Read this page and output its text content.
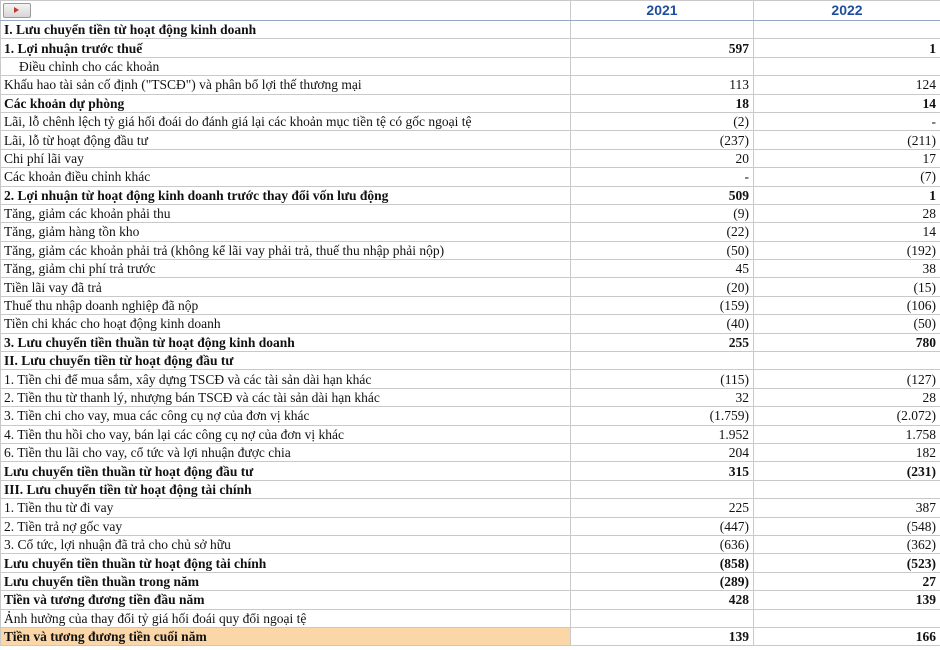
	2021	2022
I. Lưu chuyển tiền từ hoạt động kinh doanh		
1. Lợi nhuận trước thuế	597	1
Điều chỉnh cho các khoản		
Khấu hao tài sản cố định ("TSCĐ") và phân bổ lợi thế thương mại	113	124
Các khoản dự phòng	18	14
Lãi, lỗ chênh lệch tỷ giá hối đoái do đánh giá lại các khoản mục tiền tệ có gốc ngoại tệ	(2)	-
Lãi, lỗ từ hoạt động đầu tư	(237)	(211)
Chi phí lãi vay	20	17
Các khoản điều chỉnh khác	-	(7)
2. Lợi nhuận từ hoạt động kinh doanh trước thay đổi vốn lưu động	509	1
Tăng, giảm các khoản phải thu	(9)	28
Tăng, giảm hàng tồn kho	(22)	14
Tăng, giảm các khoản phải trả (không kể lãi vay phải trả, thuế thu nhập phải nộp)	(50)	(192)
Tăng, giảm chi phí trả trước	45	38
Tiền lãi vay đã trả	(20)	(15)
Thuế thu nhập doanh nghiệp đã nộp	(159)	(106)
Tiền chi khác cho hoạt động kinh doanh	(40)	(50)
3. Lưu chuyển tiền thuần từ hoạt động kinh doanh	255	780
II. Lưu chuyển tiền từ hoạt động đầu tư		
1. Tiền chi để mua sắm, xây dựng TSCĐ và các tài sản dài hạn khác	(115)	(127)
2. Tiền thu từ thanh lý, nhượng bán TSCĐ và các tài sản dài hạn khác	32	28
3. Tiền chi cho vay, mua các công cụ nợ của đơn vị khác	(1.759)	(2.072)
4. Tiền thu hồi cho vay, bán lại các công cụ nợ của đơn vị khác	1.952	1.758
6. Tiền thu lãi cho vay, cổ tức và lợi nhuận được chia	204	182
Lưu chuyển tiền thuần từ hoạt động đầu tư	315	(231)
III. Lưu chuyển tiền từ hoạt động tài chính		
1. Tiền thu từ đi vay	225	387
2. Tiền trả nợ gốc vay	(447)	(548)
3. Cổ tức, lợi nhuận đã trả cho chủ sở hữu	(636)	(362)
Lưu chuyển tiền thuần từ hoạt động tài chính	(858)	(523)
Lưu chuyển tiền thuần trong năm	(289)	27
Tiền và tương đương tiền đầu năm	428	139
Ảnh hưởng của thay đổi tỷ giá hối đoái quy đổi ngoại tệ		
Tiền và tương đương tiền cuối năm	139	166
